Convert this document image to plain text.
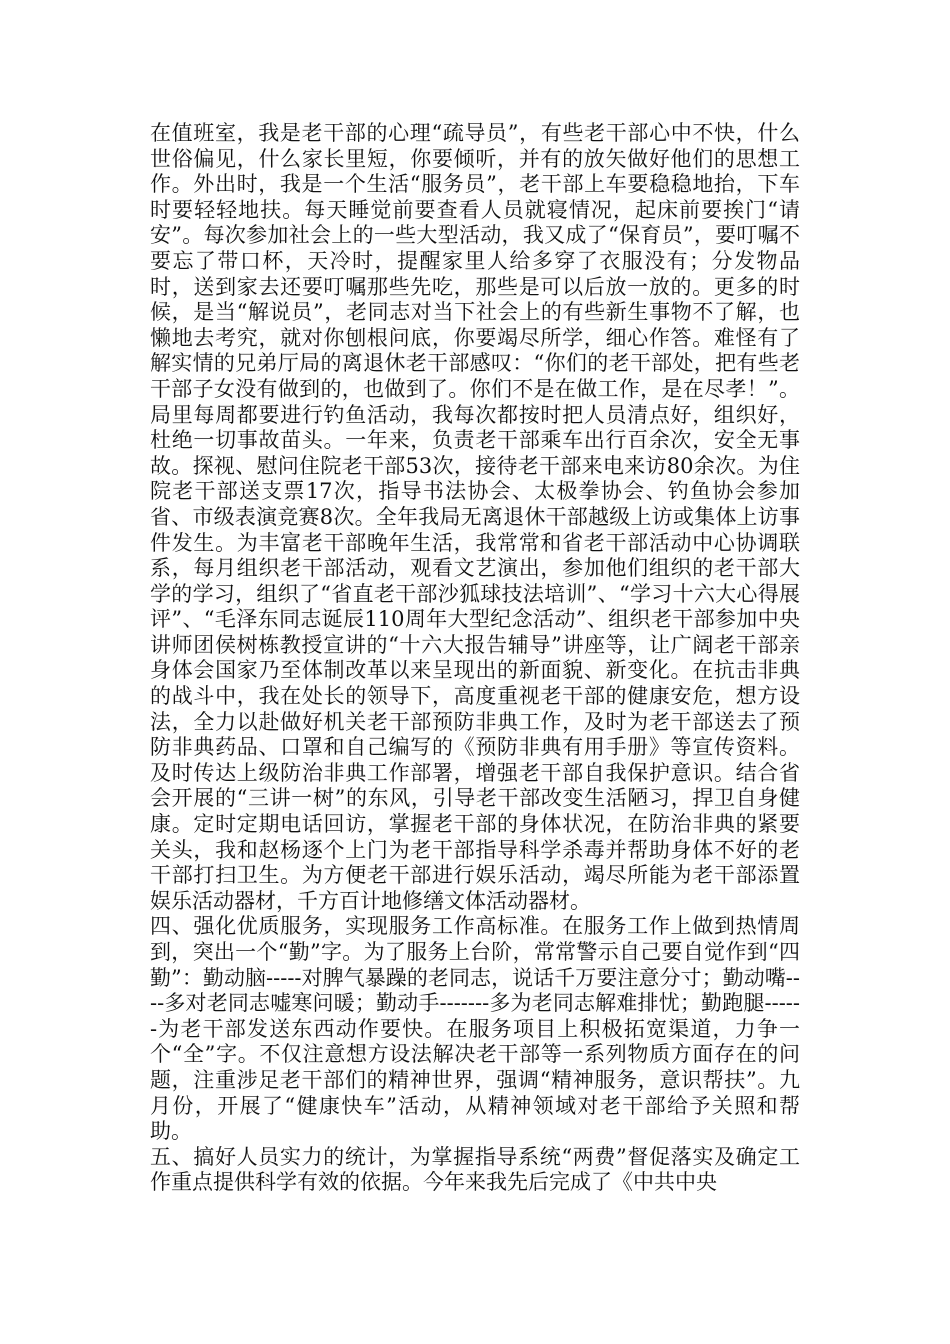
在值班室，我是老干部的心理“疏导员”，有些老干部心中不快，什么世俗偏见，什么家长里短，你要倾听，并有的放矢做好他们的思想工作。外出时，我是一个生活“服务员”，老干部上车要稳稳地抬，下车时要轻轻地扶。每天睡觉前要查看人员就寝情况，起床前要挨门“请安”。每次参加社会上的一些大型活动，我又成了“保育员”，要叮嘱不要忘了带口杯，天冷时，提醒家里人给多穿了衣服没有；分发物品时，送到家去还要叮嘱那些先吃，那些是可以后放一放的。更多的时候，是当“解说员”，老同志对当下社会上的有些新生事物不了解，也懒地去考究，就对你刨根问底，你要竭尽所学，细心作答。难怪有了解实情的兄弟厅局的离退休老干部感叹：“你们的老干部处，把有些老干部子女没有做到的，也做到了。你们不是在做工作，是在尽孝！”。局里每周都要进行钓鱼活动，我每次都按时把人员清点好，组织好，杜绝一切事故苗头。一年来，负责老干部乘车出行百余次，安全无事故。探视、慰问住院老干部53次，接待老干部来电来访80余次。为住院老干部送支票17次，指导书法协会、太极拳协会、钓鱼协会参加省、市级表演竞赛8次。全年我局无离退休干部越级上访或集体上访事件发生。为丰富老干部晚年生活，我常常和省老干部活动中心协调联系，每月组织老干部活动，观看文艺演出，参加他们组织的老干部大学的学习，组织了“省直老干部沙狐球技法培训”、“学习十六大心得展评”、“毛泽东同志诞辰110周年大型纪念活动”、组织老干部参加中央讲师团侯树栋教授宣讲的“十六大报告辅导”讲座等，让广阔老干部亲身体会国家乃至体制改革以来呈现出的新面貌、新变化。在抗击非典的战斗中，我在处长的领导下，高度重视老干部的健康安危，想方设法，全力以赴做好机关老干部预防非典工作，及时为老干部送去了预防非典药品、口罩和自己编写的《预防非典有用手册》等宣传资料。及时传达上级防治非典工作部署，增强老干部自我保护意识。结合省会开展的“三讲一树”的东风，引导老干部改变生活陋习，捍卫自身健康。定时定期电话回访，掌握老干部的身体状况，在防治非典的紧要关头，我和赵杨逐个上门为老干部指导科学杀毒并帮助身体不好的老干部打扫卫生。为方便老干部进行娱乐活动，竭尽所能为老干部添置娱乐活动器材，千方百计地修缮文体活动器材。

四、强化优质服务，实现服务工作高标准。在服务工作上做到热情周到，突出一个“勤”字。为了服务上台阶，常常警示自己要自觉作到“四勤”：勤动脑-----对脾气暴躁的老同志，说话千万要注意分寸；勤动嘴----多对老同志嘘寒问暖；勤动手-------多为老同志解难排忧；勤跑腿------为老干部发送东西动作要快。在服务项目上积极拓宽渠道，力争一个“全”字。不仅注意想方设法解决老干部等一系列物质方面存在的问题，注重涉足老干部们的精神世界，强调“精神服务，意识帮扶”。九月份，开展了“健康快车”活动，从精神领域对老干部给予关照和帮助。

五、搞好人员实力的统计，为掌握指导系统“两费”督促落实及确定工作重点提供科学有效的依据。今年来我先后完成了《中共中央
